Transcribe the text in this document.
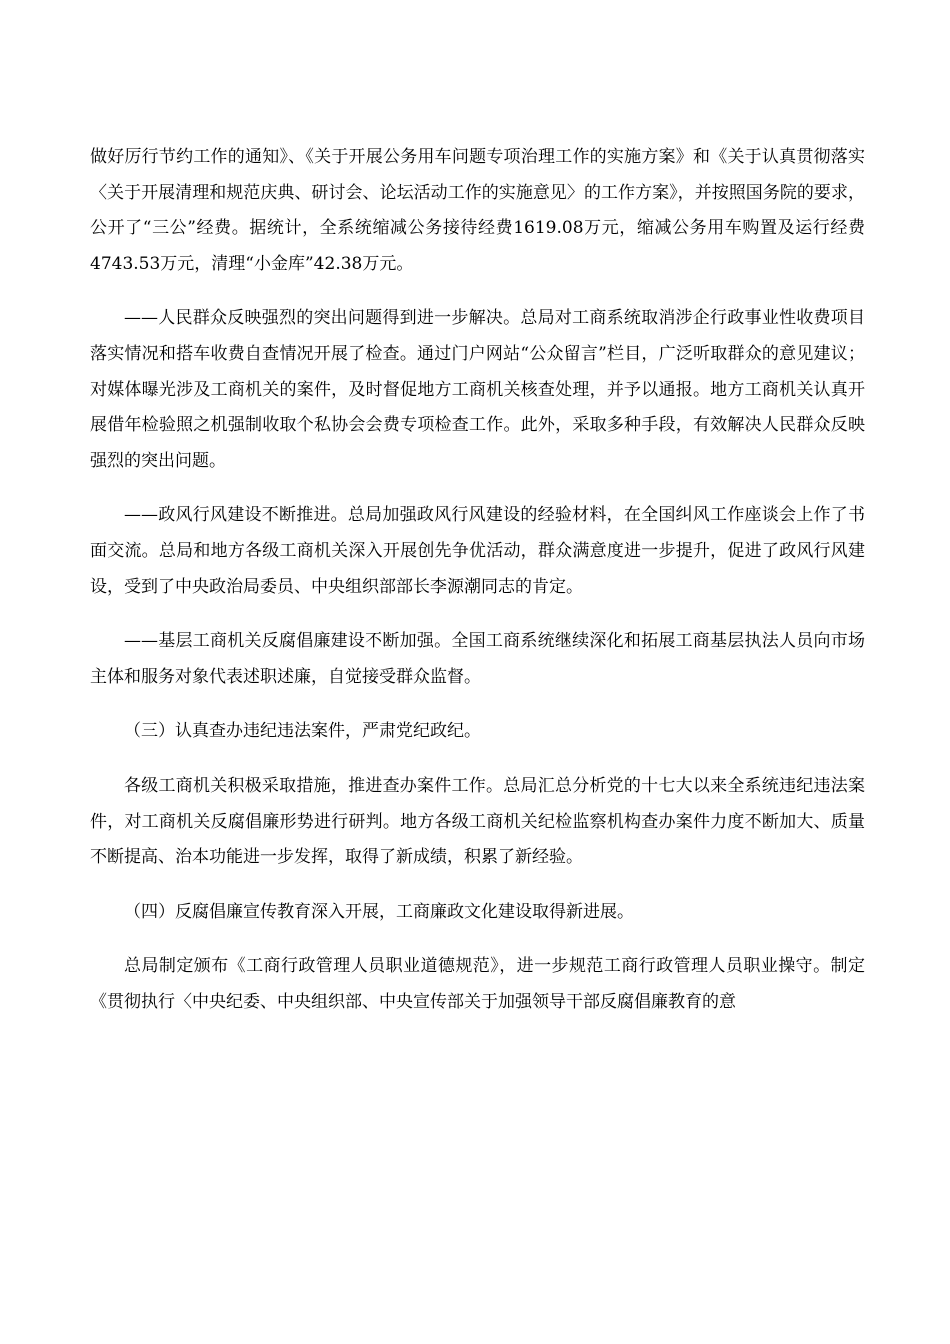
做好厉行节约工作的通知》、《关于开展公务用车问题专项治理工作的实施方案》和《关于认真贯彻落实〈关于开展清理和规范庆典、研讨会、论坛活动工作的实施意见〉的工作方案》，并按照国务院的要求，公开了“三公”经费。据统计，全系统缩减公务接待经费1619.08万元，缩减公务用车购置及运行经费4743.53万元，清理“小金库”42.38万元。

——人民群众反映强烈的突出问题得到进一步解决。总局对工商系统取消涉企行政事业性收费项目落实情况和搭车收费自查情况开展了检查。通过门户网站“公众留言”栏目，广泛听取群众的意见建议；对媒体曝光涉及工商机关的案件，及时督促地方工商机关核查处理，并予以通报。地方工商机关认真开展借年检验照之机强制收取个私协会会费专项检查工作。此外，采取多种手段，有效解决人民群众反映强烈的突出问题。

——政风行风建设不断推进。总局加强政风行风建设的经验材料，在全国纠风工作座谈会上作了书面交流。总局和地方各级工商机关深入开展创先争优活动，群众满意度进一步提升，促进了政风行风建设，受到了中央政治局委员、中央组织部部长李源潮同志的肯定。

——基层工商机关反腐倡廉建设不断加强。全国工商系统继续深化和拓展工商基层执法人员向市场主体和服务对象代表述职述廉，自觉接受群众监督。

（三）认真查办违纪违法案件，严肃党纪政纪。

各级工商机关积极采取措施，推进查办案件工作。总局汇总分析党的十七大以来全系统违纪违法案件，对工商机关反腐倡廉形势进行研判。地方各级工商机关纪检监察机构查办案件力度不断加大、质量不断提高、治本功能进一步发挥，取得了新成绩，积累了新经验。

（四）反腐倡廉宣传教育深入开展，工商廉政文化建设取得新进展。

总局制定颁布《工商行政管理人员职业道德规范》，进一步规范工商行政管理人员职业操守。制定《贯彻执行〈中央纪委、中央组织部、中央宣传部关于加强领导干部反腐倡廉教育的意
